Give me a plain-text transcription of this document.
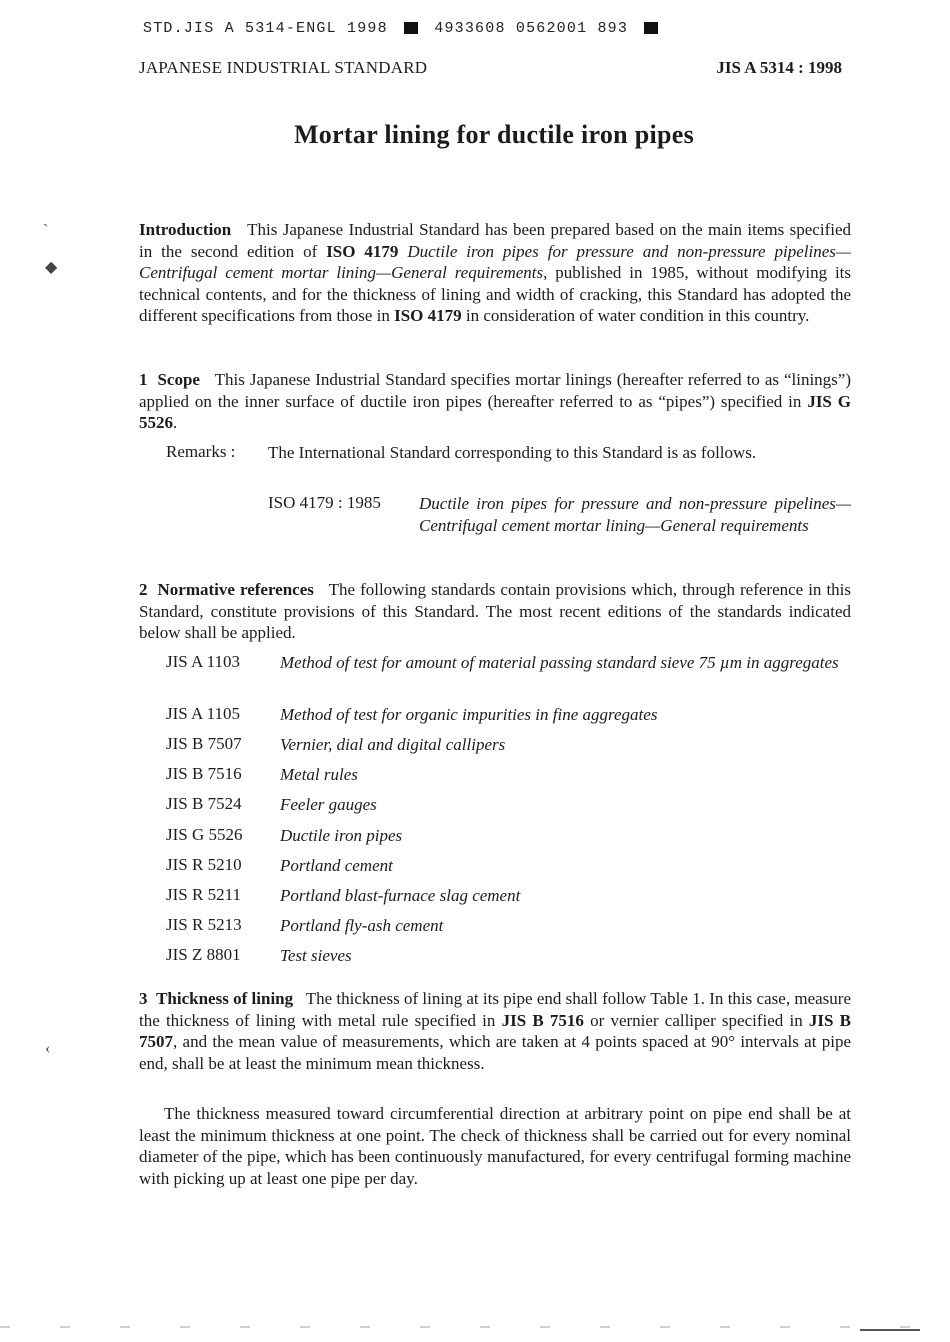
STD.JIS A 5314-ENGL 1998	4933608 0562001 893
JAPANESE INDUSTRIAL STANDARD	JIS A 5314 : 1998
Mortar lining for ductile iron pipes
ˋ
◆
‹
Introduction This Japanese Industrial Standard has been prepared based on the main items specified in the second edition of ISO 4179 Ductile iron pipes for pressure and non-pressure pipelines—Centrifugal cement mortar lining—General requirements, published in 1985, without modifying its technical contents, and for the thickness of lining and width of cracking, this Standard has adopted the different specifications from those in ISO 4179 in consideration of water condition in this country.
1 Scope This Japanese Industrial Standard specifies mortar linings (hereafter referred to as “linings”) applied on the inner surface of ductile iron pipes (hereafter referred to as “pipes”) specified in JIS G 5526.
Remarks : The International Standard corresponding to this Standard is as follows.
ISO 4179 : 1985 Ductile iron pipes for pressure and non-pressure pipelines—Centrifugal cement mortar lining—General requirements
2 Normative references The following standards contain provisions which, through reference in this Standard, constitute provisions of this Standard. The most recent editions of the standards indicated below shall be applied.
JIS A 1103 Method of test for amount of material passing standard sieve 75 µm in aggregates
JIS A 1105 Method of test for organic impurities in fine aggregates
JIS B 7507 Vernier, dial and digital callipers
JIS B 7516 Metal rules
JIS B 7524 Feeler gauges
JIS G 5526 Ductile iron pipes
JIS R 5210 Portland cement
JIS R 5211 Portland blast-furnace slag cement
JIS R 5213 Portland fly-ash cement
JIS Z 8801 Test sieves
3 Thickness of lining The thickness of lining at its pipe end shall follow Table 1. In this case, measure the thickness of lining with metal rule specified in JIS B 7516 or vernier calliper specified in JIS B 7507, and the mean value of measurements, which are taken at 4 points spaced at 90° intervals at pipe end, shall be at least the minimum mean thickness.
The thickness measured toward circumferential direction at arbitrary point on pipe end shall be at least the minimum thickness at one point. The check of thickness shall be carried out for every nominal diameter of the pipe, which has been continuously manufactured, for every centrifugal forming machine with picking up at least one pipe per day.
